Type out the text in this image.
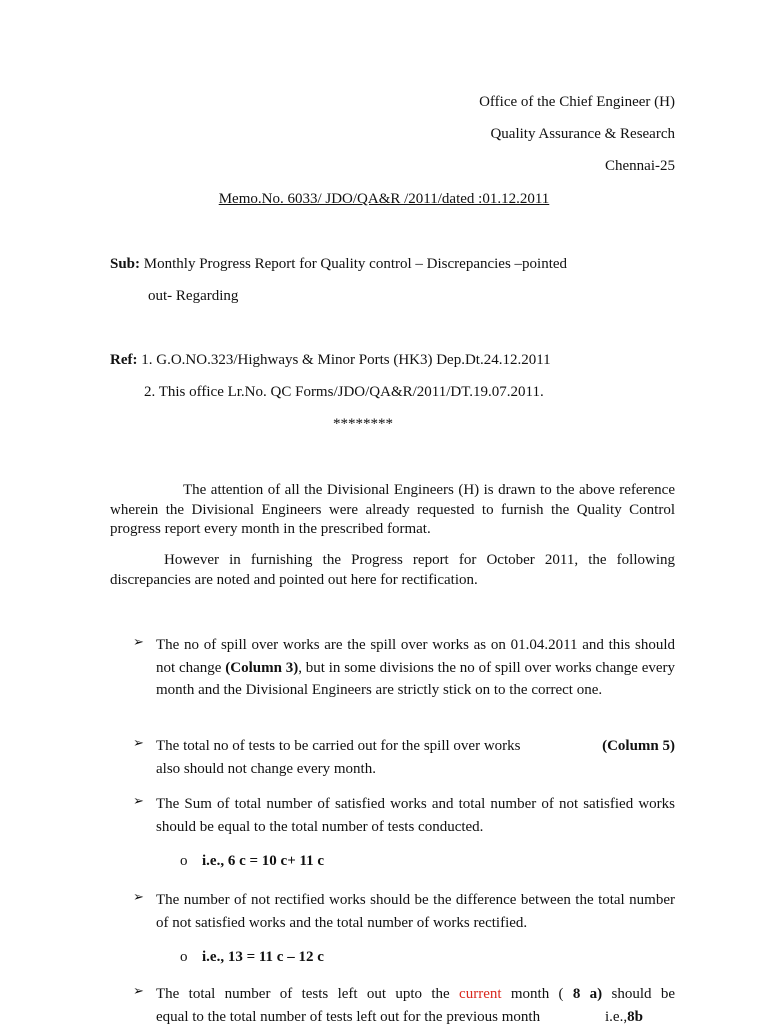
Office of the Chief Engineer (H)
Quality Assurance & Research
Chennai-25
Memo.No. 6033/ JDO/QA&R /2011/dated :01.12.2011
Sub: Monthly Progress Report for Quality control – Discrepancies –pointed
out- Regarding
Ref: 1. G.O.NO.323/Highways & Minor Ports (HK3) Dep.Dt.24.12.2011
2. This office Lr.No. QC Forms/JDO/QA&R/2011/DT.19.07.2011.
********
The attention of all the Divisional Engineers (H) is drawn to the above reference wherein the Divisional Engineers were already requested to furnish the Quality Control progress report every month in the prescribed format.
However in furnishing the Progress report for October 2011, the following discrepancies are noted and pointed out here for rectification.
➢ The no of spill over works are the spill over works as on 01.04.2011 and this should not change (Column 3), but in some divisions the no of spill over works change every month and the Divisional Engineers are strictly stick on to the correct one.
➢ The total no of tests to be carried out for the spill over works	(Column 5)
also should not change every month.
➢ The Sum of total number of satisfied works and total number of not satisfied works should be equal to the total number of tests conducted.
o i.e., 6 c = 10 c+ 11 c
➢ The number of not rectified works should be the difference between the total number of not satisfied works and the total number of works rectified.
o i.e., 13 = 11 c – 12 c
➢ The total number of tests left out upto the current month ( 8 a) should be
equal to the total number of tests left out for the previous month	i.e.,8b
